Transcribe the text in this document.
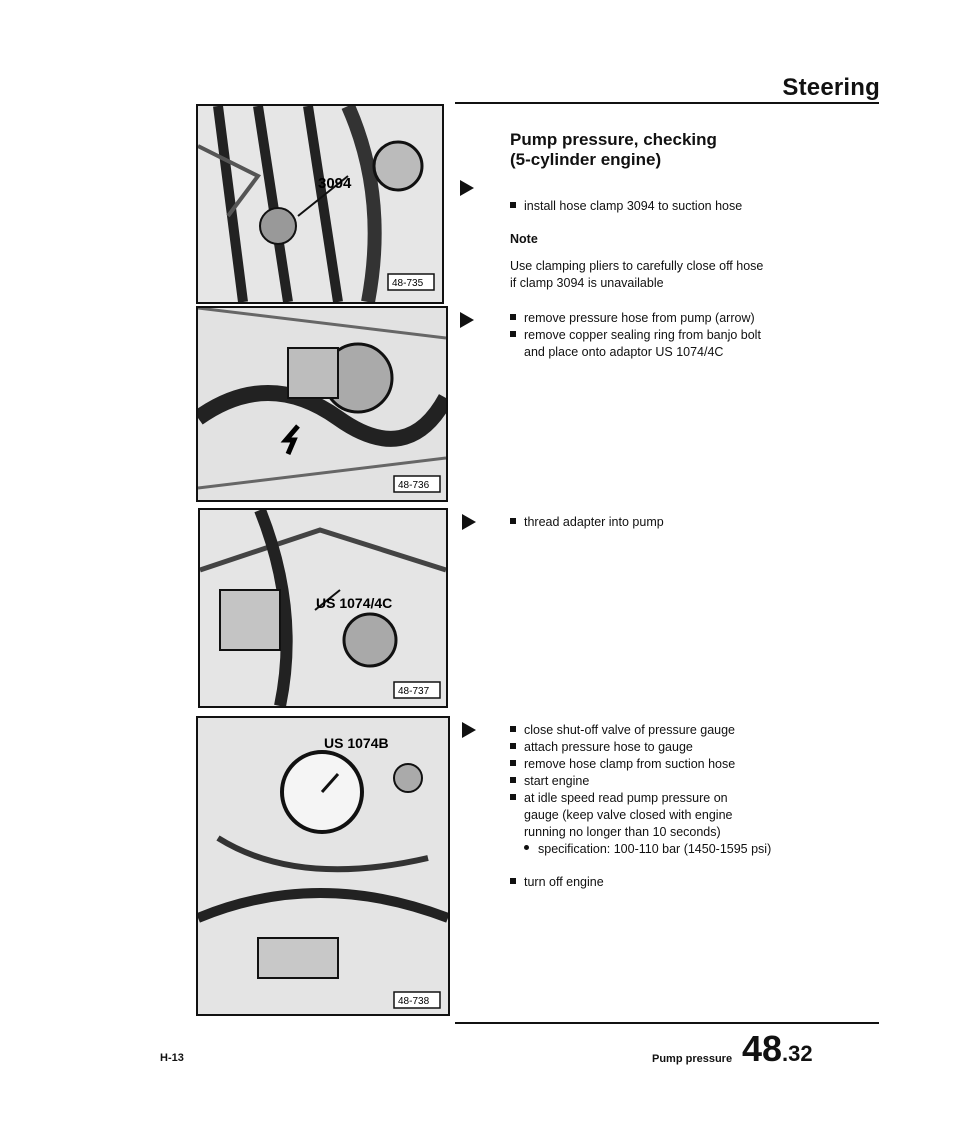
Steering
Pump pressure, checking
(5-cylinder engine)
3094
48-735
48-736
US 1074/4C
48-737
US 1074B
48-738
install hose clamp 3094 to suction hose
Note
Use clamping pliers to carefully close off hose
if clamp 3094 is unavailable
remove pressure hose from pump (arrow)
remove copper sealing ring from banjo bolt
and place onto adaptor US 1074/4C
thread adapter into pump
close shut-off valve of pressure gauge
attach pressure hose to gauge
remove hose clamp from suction hose
start engine
at idle speed read pump pressure on
gauge (keep valve closed with engine
running no longer than 10 seconds)
specification: 100-110 bar (1450-1595 psi)
turn off engine
H-13	Pump pressure 48.32
